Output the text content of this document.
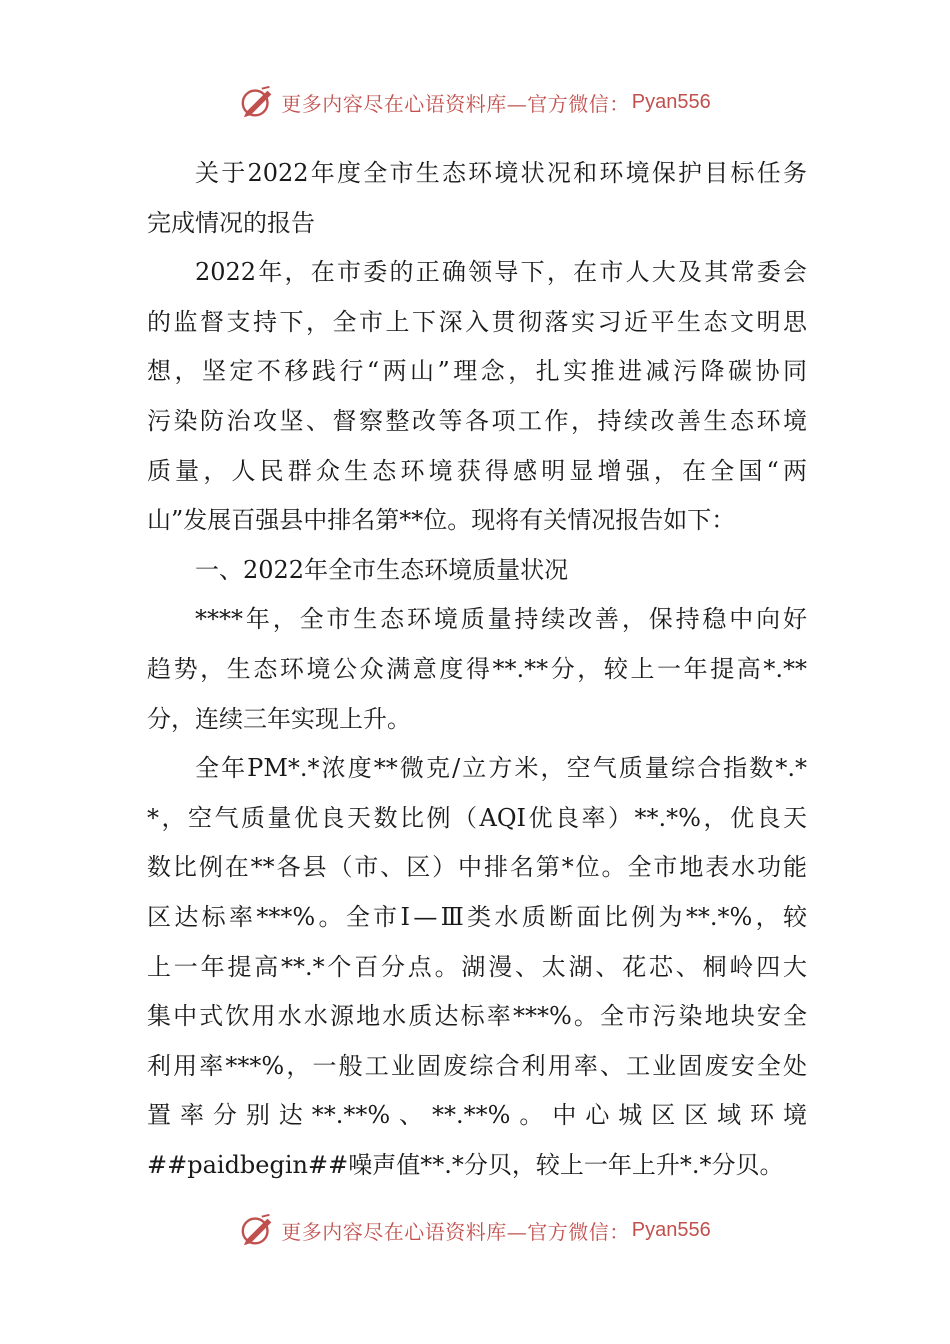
更多内容尽在心语资料库—官方微信： Pyan556
关于2022年度全市生态环境状况和环境保护目标任务
完成情况的报告
2022年，在市委的正确领导下，在市人大及其常委会
的监督支持下，全市上下深入贯彻落实习近平生态文明思
想，坚定不移践行“两山”理念，扎实推进减污降碳协同
污染防治攻坚、督察整改等各项工作，持续改善生态环境
质量，人民群众生态环境获得感明显增强，在全国“两
山”发展百强县中排名第**位。现将有关情况报告如下：
一、2022年全市生态环境质量状况
****年，全市生态环境质量持续改善，保持稳中向好
趋势，生态环境公众满意度得**.**分，较上一年提高*.**
分，连续三年实现上升。
全年PM*.*浓度**微克/立方米，空气质量综合指数*.*
*，空气质量优良天数比例（AQI优良率）**.*%，优良天
数比例在**各县（市、区）中排名第*位。全市地表水功能
区达标率***%。全市Ⅰ—Ⅲ类水质断面比例为**.*%，较
上一年提高**.*个百分点。湖漫、太湖、花芯、桐岭四大
集中式饮用水水源地水质达标率***%。全市污染地块安全
利用率***%，一般工业固废综合利用率、工业固废安全处
置率分别达**.**%、**.**%。中心城区区域环境
##paidbegin##噪声值**.*分贝，较上一年上升*.*分贝。
更多内容尽在心语资料库—官方微信： Pyan556
